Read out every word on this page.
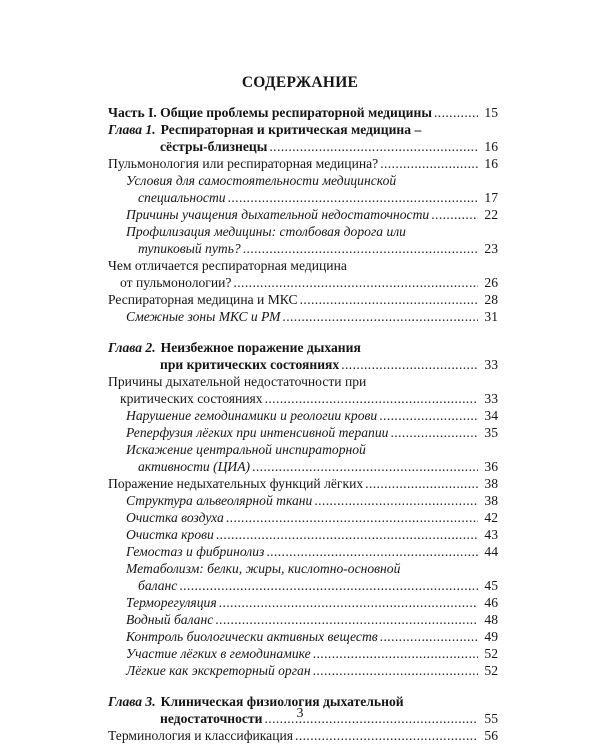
СОДЕРЖАНИЕ
Часть I. Общие проблемы респираторной медицины .....	15
Глава 1. Респираторная и критическая медицина –
сёстры-близнецы .....	16
Пульмонология или респираторная медицина? .....	16
Условия для самостоятельности медицинской
специальности .....	17
Причины учащения дыхательной недостаточности .....	22
Профилизация медицины: столбовая дорога или
тупиковый путь? .....	23
Чем отличается респираторная медицина
от пульмонологии? .....	26
Респираторная медицина и МКС .....	28
Смежные зоны МКС и РМ .....	31
Глава 2. Неизбежное поражение дыхания
при критических состояниях .....	33
Причины дыхательной недостаточности при
критических состояниях .....	33
Нарушение гемодинамики и реологии крови .....	34
Реперфузия лёгких при интенсивной терапии .....	35
Искажение центральной инспираторной
активности (ЦИА) .....	36
Поражение недыхательных функций лёгких .....	38
Структура альвеолярной ткани .....	38
Очистка воздуха .....	42
Очистка крови .....	43
Гемостаз и фибринолиз .....	44
Метаболизм: белки, жиры, кислотно-основной
баланс .....	45
Терморегуляция .....	46
Водный баланс .....	48
Контроль биологически активных веществ .....	49
Участие лёгких в гемодинамике .....	52
Лёгкие как экскреторный орган .....	52
Глава 3. Клиническая физиология дыхательной
недостаточности .....	55
Терминология и классификация .....	56
3
